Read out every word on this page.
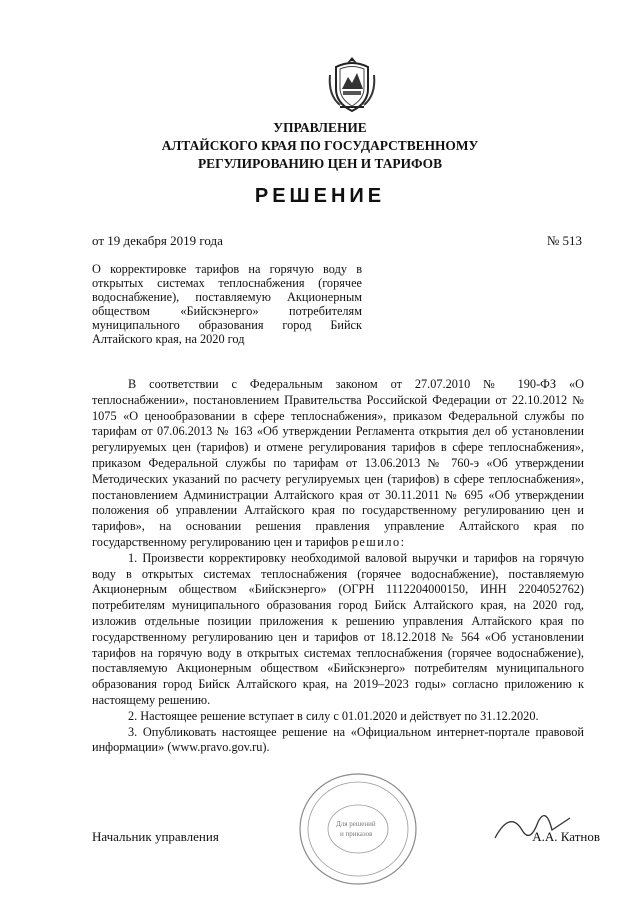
УПРАВЛЕНИЕ
АЛТАЙСКОГО КРАЯ ПО ГОСУДАРСТВЕННОМУ
РЕГУЛИРОВАНИЮ ЦЕН И ТАРИФОВ
РЕШЕНИЕ
от 19 декабря 2019 года	№ 513
О корректировке тарифов на горячую воду в открытых системах теплоснабжения (горячее водоснабжение), поставляемую Акционерным обществом «Бийскэнерго» потребителям муниципального образования город Бийск Алтайского края, на 2020 год

В соответствии с Федеральным законом от 27.07.2010 № 190-ФЗ «О теплоснабжении», постановлением Правительства Российской Федерации от 22.10.2012 № 1075 «О ценообразовании в сфере теплоснабжения», приказом Федеральной службы по тарифам от 07.06.2013 № 163 «Об утверждении Регламента открытия дел об установлении регулируемых цен (тарифов) и отмене регулирования тарифов в сфере теплоснабжения», приказом Федеральной службы по тарифам от 13.06.2013 № 760-э «Об утверждении Методических указаний по расчету регулируемых цен (тарифов) в сфере теплоснабжения», постановлением Администрации Алтайского края от 30.11.2011 № 695 «Об утверждении положения об управлении Алтайского края по государственному регулированию цен и тарифов», на основании решения правления управление Алтайского края по государственному регулированию цен и тарифов решило:

1. Произвести корректировку необходимой валовой выручки и тарифов на горячую воду в открытых системах теплоснабжения (горячее водоснабжение), поставляемую Акционерным обществом «Бийскэнерго» (ОГРН 1112204000150, ИНН 2204052762) потребителям муниципального образования город Бийск Алтайского края, на 2020 год, изложив отдельные позиции приложения к решению управления Алтайского края по государственному регулированию цен и тарифов от 18.12.2018 № 564 «Об установлении тарифов на горячую воду в открытых системах теплоснабжения (горячее водоснабжение), поставляемую Акционерным обществом «Бийскэнерго» потребителям муниципального образования город Бийск Алтайского края, на 2019–2023 годы» согласно приложению к настоящему решению.

2. Настоящее решение вступает в силу с 01.01.2020 и действует по 31.12.2020.

3. Опубликовать настоящее решение на «Официальном интернет-портале правовой информации» (www.pravo.gov.ru).

Для решений
и приказов
Начальник управления	А.А. Катнов
